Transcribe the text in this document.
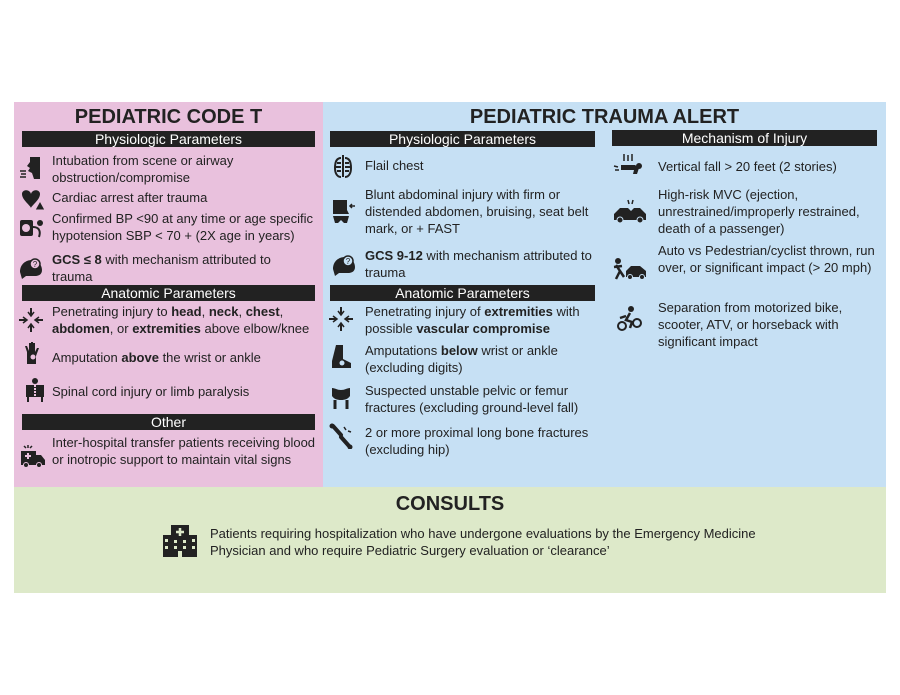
PEDIATRIC CODE T
Physiologic Parameters
Intubation from scene or airway obstruction/compromise
Cardiac arrest after trauma
Confirmed BP <90 at any time or age specific hypotension SBP < 70 + (2X age in years)
? GCS ≤ 8 with mechanism attributed to trauma
Anatomic Parameters
Penetrating injury to head, neck, chest, abdomen, or extremities above elbow/knee
Amputation above the wrist or ankle
Spinal cord injury or limb paralysis
Other
Inter-hospital transfer patients receiving blood or inotropic support to maintain vital signs
PEDIATRIC TRAUMA ALERT
Physiologic Parameters
Flail chest
Blunt abdominal injury with firm or distended abdomen, bruising, seat belt mark, or + FAST
? GCS 9-12 with mechanism attributed to trauma
Anatomic Parameters
Penetrating injury of extremities with possible vascular compromise
Amputations below wrist or ankle (excluding digits)
Suspected unstable pelvic or femur fractures (excluding ground-level fall)
2 or more proximal long bone fractures (excluding hip)
Mechanism of Injury
Vertical fall > 20 feet (2 stories)
High-risk MVC (ejection, unrestrained/improperly restrained, death of a passenger)
Auto vs Pedestrian/cyclist thrown, run over, or significant impact (> 20 mph)
Separation from motorized bike, scooter, ATV, or horseback with significant impact
CONSULTS
Patients requiring hospitalization who have undergone evaluations by the Emergency Medicine Physician and who require Pediatric Surgery evaluation or ‘clearance’
